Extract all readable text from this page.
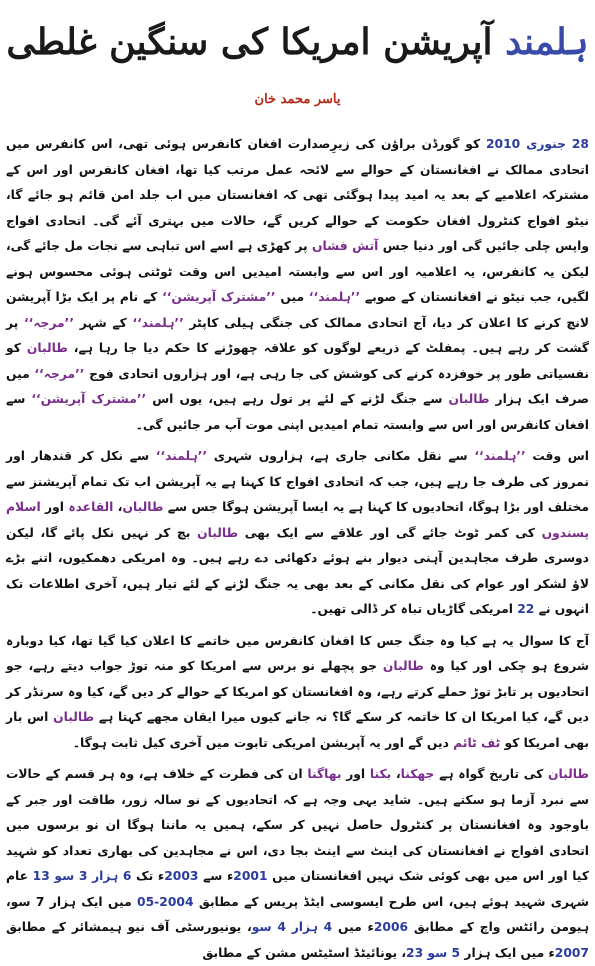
ہلمند آپریشن امریکا کی سنگین غلطی
یاسر محمد خان

28 جنوری 2010 کو گورڈن براؤن کی زیرِصدارت افغان کانفرس ہوئی تھی، اس کانفرس میں اتحادی ممالک نے افغانستان کے حوالے سے لائحہ عمل مرتب کیا تھا، افغان کانفرس اور اس کے مشترکہ اعلامیے کے بعد یہ امید پیدا ہوگئی تھی کہ افغانستان میں اب جلد امن قائم ہو جائے گا، نیٹو افواج کنٹرول افغان حکومت کے حوالے کریں گے، حالات میں بہتری آئے گی۔ اتحادی افواج واپس چلی جائیں گی اور دنیا جس آتش فشاں پر کھڑی ہے اسے اس تباہی سے نجات مل جائے گی، لیکن یہ کانفرس، یہ اعلامیہ اور اس سے وابستہ امیدیں اس وقت ٹوٹتی ہوئی محسوس ہونے لگیں، جب نیٹو نے افغانستان کے صوبے ’’ہلمند‘‘ میں ’’مشترک آپریشن‘‘ کے نام پر ایک بڑا آپریشن لانچ کرنے کا اعلان کر دیا، آج اتحادی ممالک کی جنگی ہیلی کاپٹر ’’ہلمند‘‘ کے شہر ’’مرجہ‘‘ پر گشت کر رہے ہیں۔ پمفلٹ کے ذریعے لوگوں کو علاقہ چھوڑنے کا حکم دیا جا رہا ہے، طالبان کو نفسیاتی طور پر خوفزدہ کرنے کی کوشش کی جا رہی ہے، اور ہزاروں اتحادی فوج ’’مرجہ‘‘ میں صرف ایک ہزار طالبان سے جنگ لڑنے کے لئے پر تول رہے ہیں، یوں اس ’’مشترک آپریشن‘‘ سے افغان کانفرس اور اس سے وابستہ تمام امیدیں اپنی موت آپ مر جائیں گی۔

اس وقت ’’ہلمند‘‘ سے نقل مکانی جاری ہے، ہزاروں شہری ’’ہلمند‘‘ سے نکل کر قندھار اور نمروز کی طرف جا رہے ہیں، جب کہ اتحادی افواج کا کہنا ہے یہ آپریشن اب تک تمام آپریشنز سے مختلف اور بڑا ہوگا، اتحادیوں کا کہنا ہے یہ ایسا آپریشن ہوگا جس سے طالبان، القاعدہ اور اسلام پسندوں کی کمر ٹوٹ جائے گی اور علاقے سے ایک بھی طالبان بچ کر نہیں نکل پائے گا، لیکن دوسری طرف مجاہدین آہنی دیوار بنے ہوئے دکھائی دے رہے ہیں۔ وہ امریکی دھمکیوں، اتنے بڑے لاؤ لشکر اور عوام کی نقل مکانی کے بعد بھی یہ جنگ لڑنے کے لئے تیار ہیں، آخری اطلاعات تک انہوں نے 22 امریکی گاڑیاں تباہ کر ڈالی تھیں۔

آج کا سوال یہ ہے کیا وہ جنگ جس کا افغان کانفرس میں خاتمے کا اعلان کیا گیا تھا، کیا دوبارہ شروع ہو چکی اور کیا وہ طالبان جو پچھلے نو برس سے امریکا کو منہ توڑ جواب دیتے رہے، جو اتحادیوں پر تابڑ توڑ حملے کرتے رہے، وہ افغانستان کو امریکا کے حوالے کر دیں گے، کیا وہ سرنڈر کر دیں گے، کیا امریکا ان کا خاتمہ کر سکے گا؟ نہ جانے کیوں میرا ایقان مجھے کہتا ہے طالبان اس بار بھی امریکا کو ٹف ٹائم دیں گے اور یہ آپریشن امریکی تابوت میں آخری کیل ثابت ہوگا۔

طالبان کی تاریخ گواہ ہے جھکنا، بکنا اور بھاگنا ان کی فطرت کے خلاف ہے، وہ ہر قسم کے حالات سے نبرد آزما ہو سکتے ہیں۔ شاید یہی وجہ ہے کہ اتحادیوں کے نو سالہ زور، طاقت اور جبر کے باوجود وہ افغانستان پر کنٹرول حاصل نہیں کر سکے، ہمیں یہ ماننا ہوگا ان نو برسوں میں اتحادی افواج نے افغانستان کی اینٹ سے اینٹ بجا دی، اس نے مجاہدین کی بھاری تعداد کو شہید کیا اور اس میں بھی کوئی شک نہیں افغانستان میں 2001ء سے 2003ء تک 6 ہزار 3 سو 13 عام شہری شہید ہوئے ہیں، اس طرح ایسوسی ایٹڈ پریس کے مطابق 2004-05 میں ایک ہزار 7 سو، ہیومن رائٹس واچ کے مطابق 2006ء میں 4 ہزار 4 سو، یونیورسٹی آف نیو ہیمشائر کے مطابق 2007ء میں ایک ہزار 5 سو 23، یونائیٹڈ اسٹیٹس مشن کے مطابق
